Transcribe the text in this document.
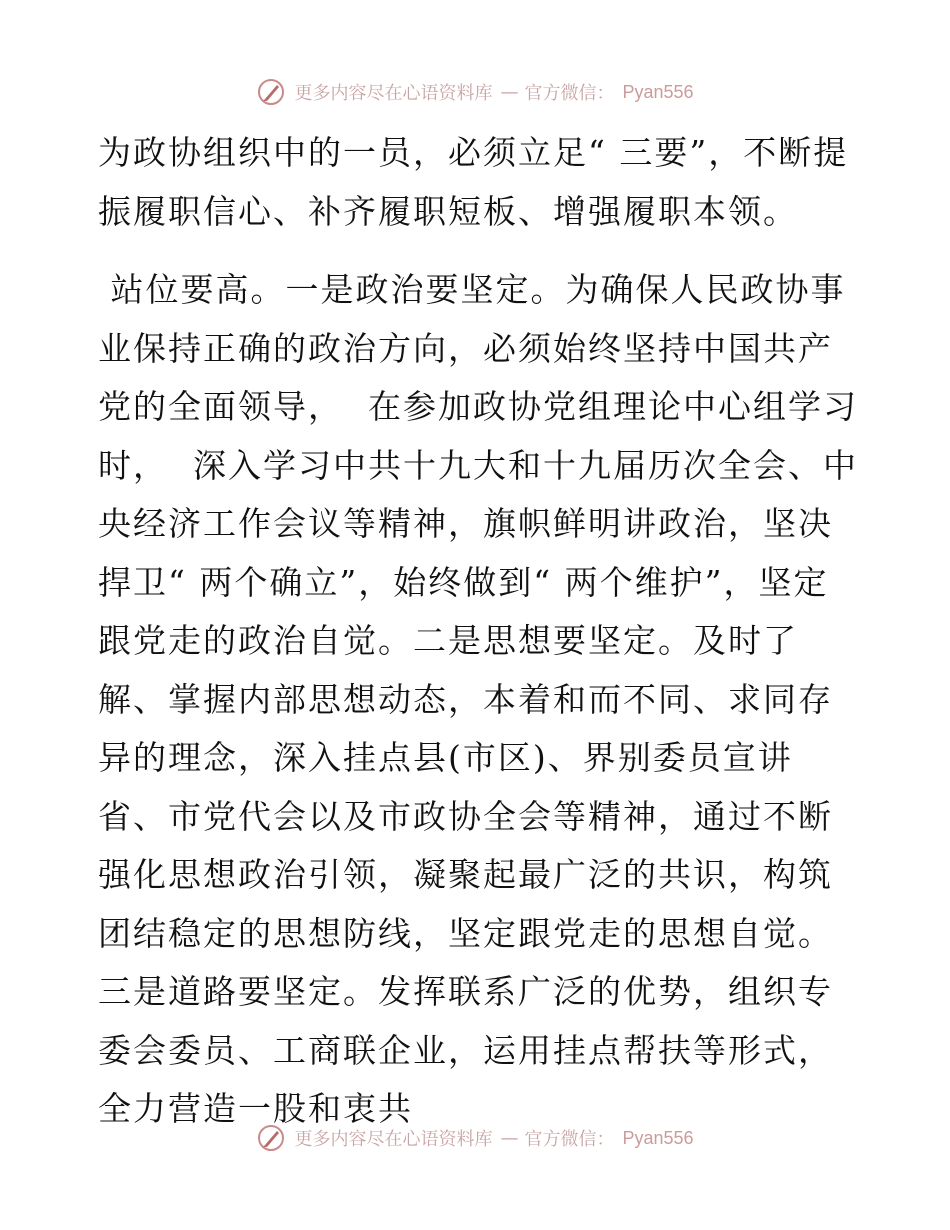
更多内容尽在心语资料库 — 官方微信： Pyan556

为政协组织中的一员，必须立足“ 三要”，不断提振履职信心、补齐履职短板、增强履职本领。

站位要高。一是政治要坚定。为确保人民政协事业保持正确的政治方向，必须始终坚持中国共产党的全面领导，  在参加政协党组理论中心组学习时，  深入学习中共十九大和十九届历次全会、中央经济工作会议等精神，旗帜鲜明讲政治，坚决捍卫“ 两个确立”，始终做到“ 两个维护”，坚定跟党走的政治自觉。二是思想要坚定。及时了解、掌握内部思想动态，本着和而不同、求同存异的理念，深入挂点县(市区)、界别委员宣讲省、市党代会以及市政协全会等精神，通过不断强化思想政治引领，凝聚起最广泛的共识，构筑团结稳定的思想防线，坚定跟党走的思想自觉。三是道路要坚定。发挥联系广泛的优势，组织专委会委员、工商联企业，运用挂点帮扶等形式，全力营造一股和衷共

更多内容尽在心语资料库 — 官方微信： Pyan556
